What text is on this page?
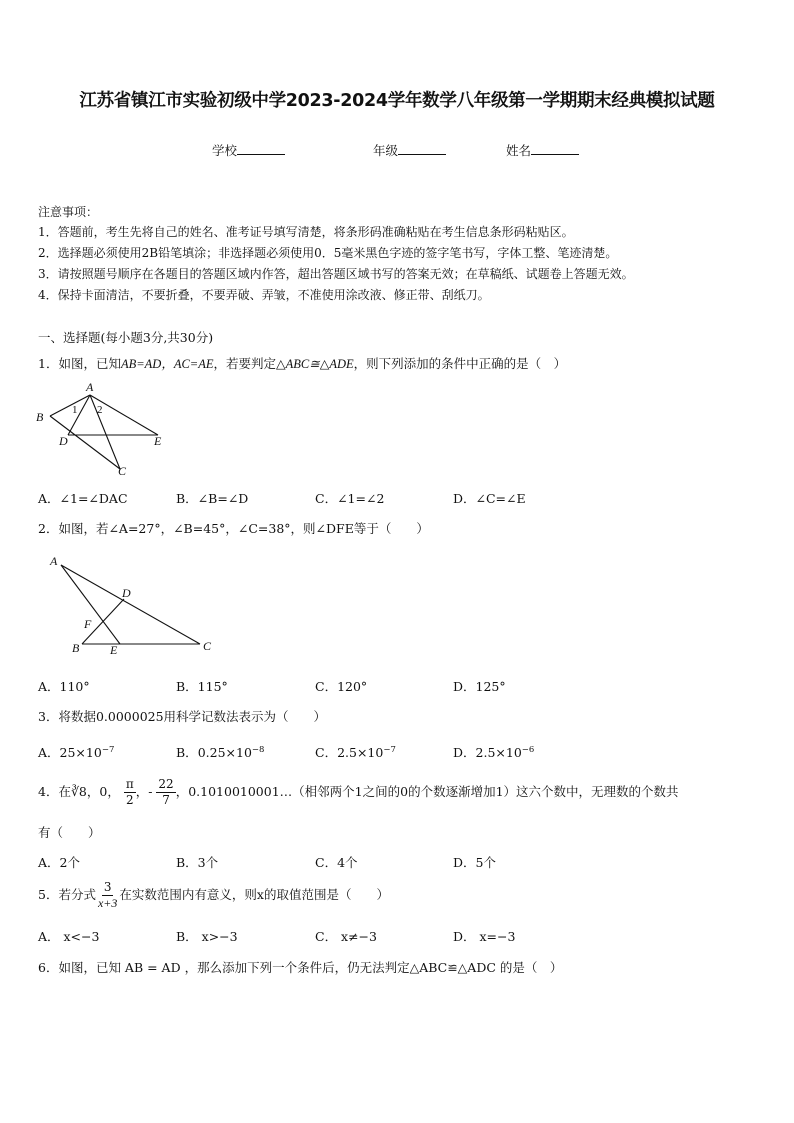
江苏省镇江市实验初级中学2023-2024学年数学八年级第一学期期末经典模拟试题
学校	年级	姓名
注意事项：
1．答题前，考生先将自己的姓名、准考证号填写清楚，将条形码准确粘贴在考生信息条形码粘贴区。
2．选择题必须使用2B铅笔填涂；非选择题必须使用0．5毫米黑色字迹的签字笔书写，字体工整、笔迹清楚。
3．请按照题号顺序在各题目的答题区域内作答，超出答题区域书写的答案无效；在草稿纸、试题卷上答题无效。
4．保持卡面清洁，不要折叠，不要弄破、弄皱，不准使用涂改液、修正带、刮纸刀。
一、选择题(每小题3分,共30分)
1．如图，已知AB=AD，AC=AE，若要判定△ABC≅△ADE，则下列添加的条件中正确的是（　）
A
B
C
D	E
1 2
A．∠1=∠DAC	B．∠B=∠D	C．∠1=∠2	D．∠C=∠E
2．如图，若∠A=27°，∠B=45°，∠C=38°，则∠DFE等于（　　）
A
B	C
D
E
F
A．110°	B．115°	C．120°	D．125°
3．将数据0.0000025用科学记数法表示为（　　）
A．$25\times 10^{-7}$	B．$0.25\times 10^{-8}$	C．$2.5\times 10^{-7}$	D．$2.5\times 10^{-6}$
4．在∛8，0， $\frac{\pi}{2}$ ，- $\frac{22}{7}$ ，0.1010010001…（相邻两个1之间的0的个数逐渐增加1）这六个数中，无理数的个数共
有（　　）
A．2个	B．3个	C．4个	D．5个
5．若分式 $\frac{3}{x+3}$ 在实数范围内有意义，则x的取值范围是（　　）
A． x<−3	B． x>−3	C． x≠−3	D． x=−3
6．如图，已知 AB = AD ，那么添加下列一个条件后，仍无法判定△ABC≌△ADC 的是（　）
